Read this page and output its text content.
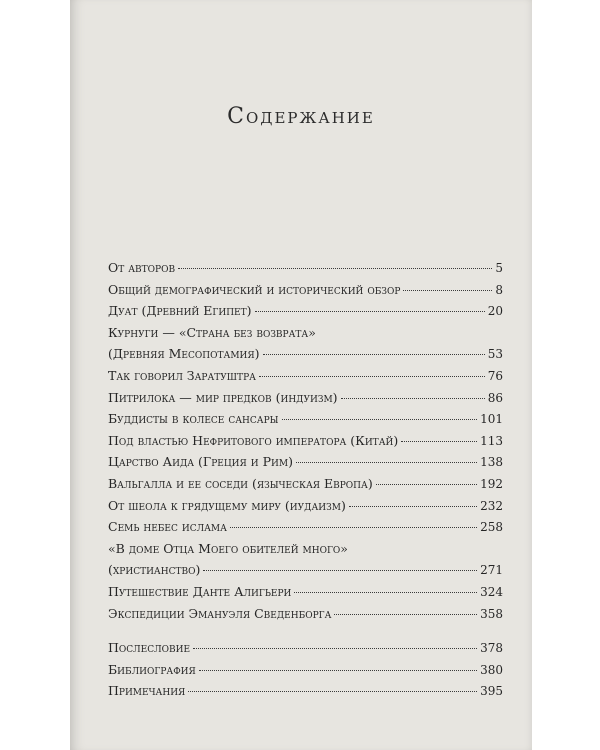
Содержание
От авторов	5
Общий демографический и исторический обзор	8
Дуат (Древний Египет)	20
Курнуги — «Страна без возврата»
(Древняя Месопотамия)	53
Так говорил Заратуштра	76
Питрилока — мир предков (индуизм)	86
Буддисты в колесе сансары	101
Под властью Нефритового императора (Китай)	113
Царство Аида (Греция и Рим)	138
Вальгалла и ее соседи (языческая Европа)	192
От шеола к грядущему миру (иудаизм)	232
Семь небес ислама	258
«В доме Отца Моего обителей много»
(христианство)	271
Путешествие Данте Алигьери	324
Экспедиции Эмануэля Сведенборга	358
Послесловие	378
Библиография	380
Примечания	395
